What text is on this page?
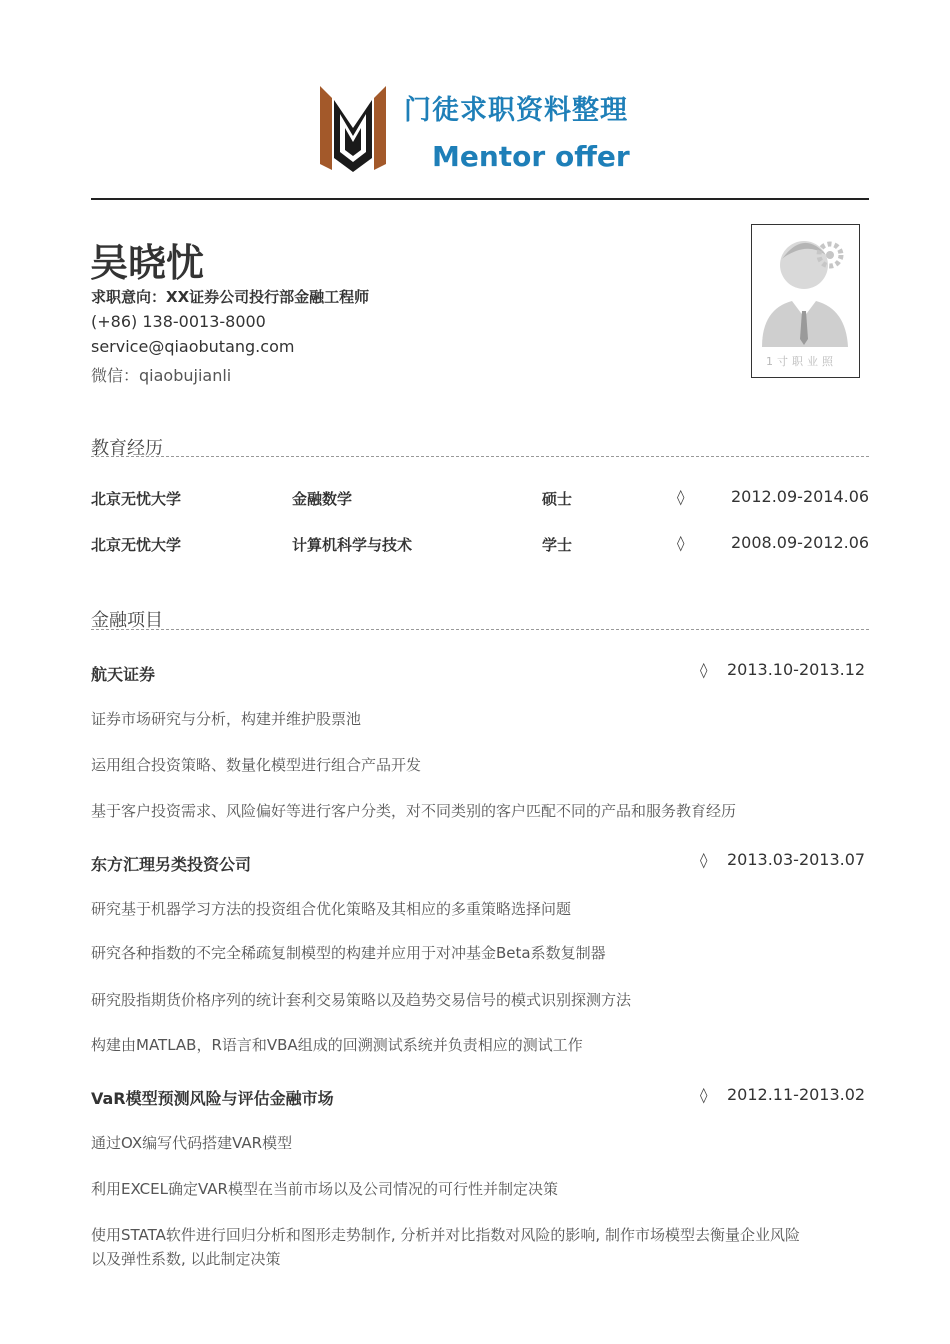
门徒求职资料整理
Mentor offer
吴晓忧
求职意向：XX证券公司投行部金融工程师
(+86) 138-0013-8000
service@qiaobutang.com
微信：qiaobujianli
1寸职业照
教育经历
北京无忧大学	金融数学	硕士	◊	2012.09-2014.06
北京无忧大学	计算机科学与技术	学士	◊	2008.09-2012.06
金融项目
航天证券	◊ 2013.10-2013.12
证券市场研究与分析，构建并维护股票池
运用组合投资策略、数量化模型进行组合产品开发
基于客户投资需求、风险偏好等进行客户分类，对不同类别的客户匹配不同的产品和服务教育经历
东方汇理另类投资公司	◊ 2013.03-2013.07
研究基于机器学习方法的投资组合优化策略及其相应的多重策略选择问题
研究各种指数的不完全稀疏复制模型的构建并应用于对冲基金Beta系数复制器
研究股指期货价格序列的统计套利交易策略以及趋势交易信号的模式识别探测方法
构建由MATLAB，R语言和VBA组成的回溯测试系统并负责相应的测试工作
VaR模型预测风险与评估金融市场	◊ 2012.11-2013.02
通过OX编写代码搭建VAR模型
利用EXCEL确定VAR模型在当前市场以及公司情况的可行性并制定决策
使用STATA软件进行回归分析和图形走势制作, 分析并对比指数对风险的影响, 制作市场模型去衡量企业风险
以及弹性系数, 以此制定决策
